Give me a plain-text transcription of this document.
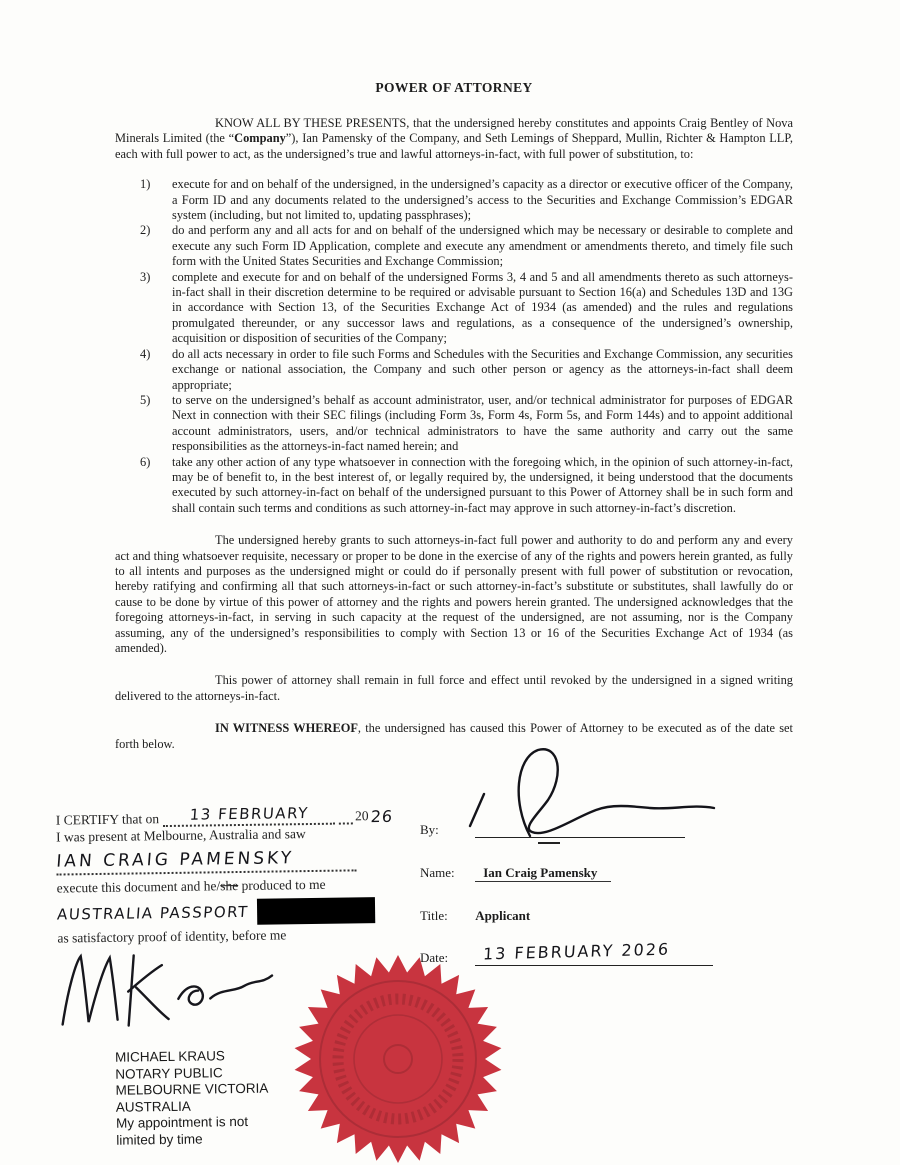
POWER OF ATTORNEY

KNOW ALL BY THESE PRESENTS, that the undersigned hereby constitutes and appoints Craig Bentley of Nova Minerals Limited (the “Company”), Ian Pamensky of the Company, and Seth Lemings of Sheppard, Mullin, Richter & Hampton LLP, each with full power to act, as the undersigned’s true and lawful attorneys-in-fact, with full power of substitution, to:

1)	execute for and on behalf of the undersigned, in the undersigned’s capacity as a director or executive officer of the Company, a Form ID and any documents related to the undersigned’s access to the Securities and Exchange Commission’s EDGAR system (including, but not limited to, updating passphrases);
2)	do and perform any and all acts for and on behalf of the undersigned which may be necessary or desirable to complete and execute any such Form ID Application, complete and execute any amendment or amendments thereto, and timely file such form with the United States Securities and Exchange Commission;
3)	complete and execute for and on behalf of the undersigned Forms 3, 4 and 5 and all amendments thereto as such attorneys-in-fact shall in their discretion determine to be required or advisable pursuant to Section 16(a) and Schedules 13D and 13G in accordance with Section 13, of the Securities Exchange Act of 1934 (as amended) and the rules and regulations promulgated thereunder, or any successor laws and regulations, as a consequence of the undersigned’s ownership, acquisition or disposition of securities of the Company;
4)	do all acts necessary in order to file such Forms and Schedules with the Securities and Exchange Commission, any securities exchange or national association, the Company and such other person or agency as the attorneys-in-fact shall deem appropriate;
5)	to serve on the undersigned’s behalf as account administrator, user, and/or technical administrator for purposes of EDGAR Next in connection with their SEC filings (including Form 3s, Form 4s, Form 5s, and Form 144s) and to appoint additional account administrators, users, and/or technical administrators to have the same authority and carry out the same responsibilities as the attorneys-in-fact named herein; and
6)	take any other action of any type whatsoever in connection with the foregoing which, in the opinion of such attorney-in-fact, may be of benefit to, in the best interest of, or legally required by, the undersigned, it being understood that the documents executed by such attorney-in-fact on behalf of the undersigned pursuant to this Power of Attorney shall be in such form and shall contain such terms and conditions as such attorney-in-fact may approve in such attorney-in-fact’s discretion.

The undersigned hereby grants to such attorneys-in-fact full power and authority to do and perform any and every act and thing whatsoever requisite, necessary or proper to be done in the exercise of any of the rights and powers herein granted, as fully to all intents and purposes as the undersigned might or could do if personally present with full power of substitution or revocation, hereby ratifying and confirming all that such attorneys-in-fact or such attorney-in-fact’s substitute or substitutes, shall lawfully do or cause to be done by virtue of this power of attorney and the rights and powers herein granted. The undersigned acknowledges that the foregoing attorneys-in-fact, in serving in such capacity at the request of the undersigned, are not assuming, nor is the Company assuming, any of the undersigned’s responsibilities to comply with Section 13 or 16 of the Securities Exchange Act of 1934 (as amended).

This power of attorney shall remain in full force and effect until revoked by the undersigned in a signed writing delivered to the attorneys-in-fact.

IN WITNESS WHEREOF, the undersigned has caused this Power of Attorney to be executed as of the date set forth below.

I CERTIFY that on	13 FEBRUARY	20 26
I was present at Melbourne, Australia and saw
IAN CRAIG PAMENSKY
execute this document and he/she produced to me
AUSTRALIA PASSPORT
as satisfactory proof of identity, before me
MICHAEL KRAUS
NOTARY PUBLIC
MELBOURNE VICTORIA
AUSTRALIA
My appointment is not limited by time
By:
Name: Ian Craig Pamensky
Title: Applicant
Date: 13 FEBRUARY 2026
